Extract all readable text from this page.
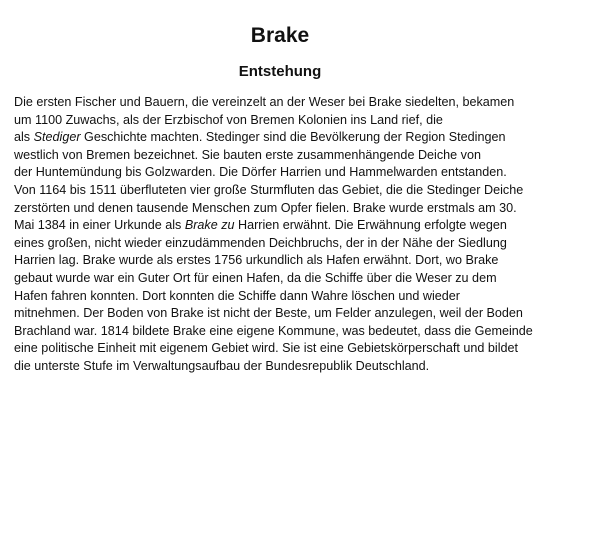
Brake
Entstehung
Die ersten Fischer und Bauern, die vereinzelt an der Weser bei Brake siedelten, bekamen
um 1100 Zuwachs, als der Erzbischof von Bremen Kolonien ins Land rief, die
als Stediger Geschichte machten. Stedinger sind die Bevölkerung der Region Stedingen
westlich von Bremen bezeichnet. Sie bauten erste zusammenhängende Deiche von
der Huntemündung bis Golzwarden. Die Dörfer Harrien und Hammelwarden entstanden.
Von 1164 bis 1511 überfluteten vier große Sturmfluten das Gebiet, die die Stedinger Deiche
zerstörten und denen tausende Menschen zum Opfer fielen. Brake wurde erstmals am 30.
Mai 1384 in einer Urkunde als Brake zu Harrien erwähnt. Die Erwähnung erfolgte wegen
eines großen, nicht wieder einzudämmenden Deichbruchs, der in der Nähe der Siedlung
Harrien lag. Brake wurde als erstes 1756 urkundlich als Hafen erwähnt. Dort, wo Brake
gebaut wurde war ein Guter Ort für einen Hafen, da die Schiffe über die Weser zu dem
Hafen fahren konnten. Dort konnten die Schiffe dann Wahre löschen und wieder
mitnehmen. Der Boden von Brake ist nicht der Beste, um Felder anzulegen, weil der Boden
Brachland war. 1814 bildete Brake eine eigene Kommune, was bedeutet, dass die Gemeinde
eine politische Einheit mit eigenem Gebiet wird. Sie ist eine Gebietskörperschaft und bildet
die unterste Stufe im Verwaltungsaufbau der Bundesrepublik Deutschland.
